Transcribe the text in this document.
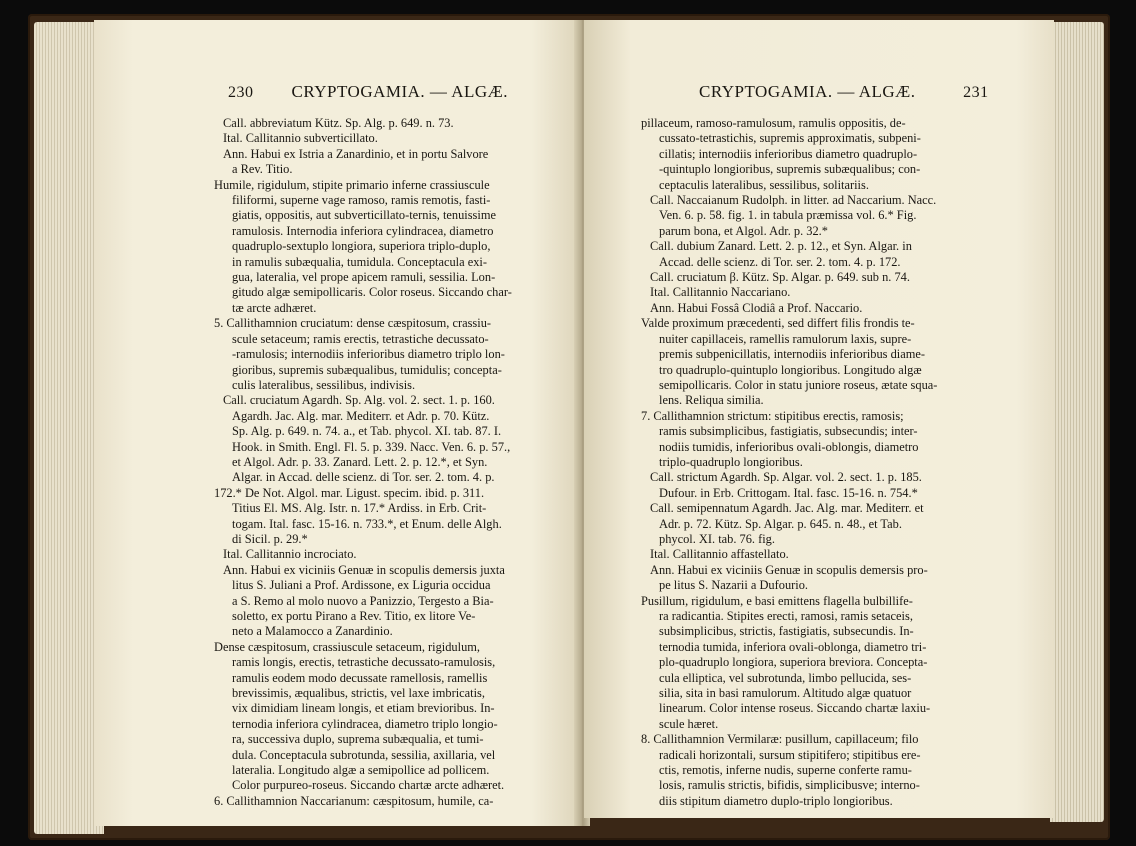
230 CRYPTOGAMIA. — ALGÆ.
Call. abbreviatum Kütz. Sp. Alg. p. 649. n. 73.
Ital. Callitannio subverticillato.
Ann. Habui ex Istria a Zanardinio, et in portu Salvore
a Rev. Titio.
Humile, rigidulum, stipite primario inferne crassiuscule
filiformi, superne vage ramoso, ramis remotis, fasti-
giatis, oppositis, aut subverticillato-ternis, tenuissime
ramulosis. Internodia inferiora cylindracea, diametro
quadruplo-sextuplo longiora, superiora triplo-duplo,
in ramulis subæqualia, tumidula. Conceptacula exi-
gua, lateralia, vel prope apicem ramuli, sessilia. Lon-
gitudo algæ semipollicaris. Color roseus. Siccando char-
tæ arcte adhæret.
5. Callithamnion cruciatum: dense cæspitosum, crassiu-
scule setaceum; ramis erectis, tetrastiche decussato-
-ramulosis; internodiis inferioribus diametro triplo lon-
gioribus, supremis subæqualibus, tumidulis; concepta-
culis lateralibus, sessilibus, indivisis.
Call. cruciatum Agardh. Sp. Alg. vol. 2. sect. 1. p. 160.
Agardh. Jac. Alg. mar. Mediterr. et Adr. p. 70. Kütz.
Sp. Alg. p. 649. n. 74. a., et Tab. phycol. XI. tab. 87. I.
Hook. in Smith. Engl. Fl. 5. p. 339. Nacc. Ven. 6. p. 57.,
et Algol. Adr. p. 33. Zanard. Lett. 2. p. 12.*, et Syn.
Algar. in Accad. delle scienz. di Tor. ser. 2. tom. 4. p.
172.* De Not. Algol. mar. Ligust. specim. ibid. p. 311.
Titius El. MS. Alg. Istr. n. 17.* Ardiss. in Erb. Crit-
togam. Ital. fasc. 15-16. n. 733.*, et Enum. delle Algh.
di Sicil. p. 29.*
Ital. Callitannio incrociato.
Ann. Habui ex viciniis Genuæ in scopulis demersis juxta
litus S. Juliani a Prof. Ardissone, ex Liguria occidua
a S. Remo al molo nuovo a Panizzio, Tergesto a Bia-
soletto, ex portu Pirano a Rev. Titio, ex litore Ve-
neto a Malamocco a Zanardinio.
Dense cæspitosum, crassiuscule setaceum, rigidulum,
ramis longis, erectis, tetrastiche decussato-ramulosis,
ramulis eodem modo decussate ramellosis, ramellis
brevissimis, æqualibus, strictis, vel laxe imbricatis,
vix dimidiam lineam longis, et etiam brevioribus. In-
ternodia inferiora cylindracea, diametro triplo longio-
ra, successiva duplo, suprema subæqualia, et tumi-
dula. Conceptacula subrotunda, sessilia, axillaria, vel
lateralia. Longitudo algæ a semipollice ad pollicem.
Color purpureo-roseus. Siccando chartæ arcte adhæret.
6. Callithamnion Naccarianum: cæspitosum, humile, ca-
CRYPTOGAMIA. — ALGÆ.	231
pillaceum, ramoso-ramulosum, ramulis oppositis, de-
cussato-tetrastichis, supremis approximatis, subpeni-
cillatis; internodiis inferioribus diametro quadruplo-
-quintuplo longioribus, supremis subæqualibus; con-
ceptaculis lateralibus, sessilibus, solitariis.
Call. Naccaianum Rudolph. in litter. ad Naccarium. Nacc.
Ven. 6. p. 58. fig. 1. in tabula præmissa vol. 6.* Fig.
parum bona, et Algol. Adr. p. 32.*
Call. dubium Zanard. Lett. 2. p. 12., et Syn. Algar. in
Accad. delle scienz. di Tor. ser. 2. tom. 4. p. 172.
Call. cruciatum β. Kütz. Sp. Algar. p. 649. sub n. 74.
Ital. Callitannio Naccariano.
Ann. Habui Fossâ Clodiâ a Prof. Naccario.
Valde proximum præcedenti, sed differt filis frondis te-
nuiter capillaceis, ramellis ramulorum laxis, supre-
premis subpenicillatis, internodiis inferioribus diame-
tro quadruplo-quintuplo longioribus. Longitudo algæ
semipollicaris. Color in statu juniore roseus, ætate squa-
lens. Reliqua similia.
7. Callithamnion strictum: stipitibus erectis, ramosis;
ramis subsimplicibus, fastigiatis, subsecundis; inter-
nodiis tumidis, inferioribus ovali-oblongis, diametro
triplo-quadruplo longioribus.
Call. strictum Agardh. Sp. Algar. vol. 2. sect. 1. p. 185.
Dufour. in Erb. Crittogam. Ital. fasc. 15-16. n. 754.*
Call. semipennatum Agardh. Jac. Alg. mar. Mediterr. et
Adr. p. 72. Kütz. Sp. Algar. p. 645. n. 48., et Tab.
phycol. XI. tab. 76. fig.
Ital. Callitannio affastellato.
Ann. Habui ex viciniis Genuæ in scopulis demersis pro-
pe litus S. Nazarii a Dufourio.
Pusillum, rigidulum, e basi emittens flagella bulbillife-
ra radicantia. Stipites erecti, ramosi, ramis setaceis,
subsimplicibus, strictis, fastigiatis, subsecundis. In-
ternodia tumida, inferiora ovali-oblonga, diametro tri-
plo-quadruplo longiora, superiora breviora. Concepta-
cula elliptica, vel subrotunda, limbo pellucida, ses-
silia, sita in basi ramulorum. Altitudo algæ quatuor
linearum. Color intense roseus. Siccando chartæ laxiu-
scule hæret.
8. Callithamnion Vermilaræ: pusillum, capillaceum; filo
radicali horizontali, sursum stipitifero; stipitibus ere-
ctis, remotis, inferne nudis, superne conferte ramu-
losis, ramulis strictis, bifidis, simplicibusve; interno-
diis stipitum diametro duplo-triplo longioribus.
